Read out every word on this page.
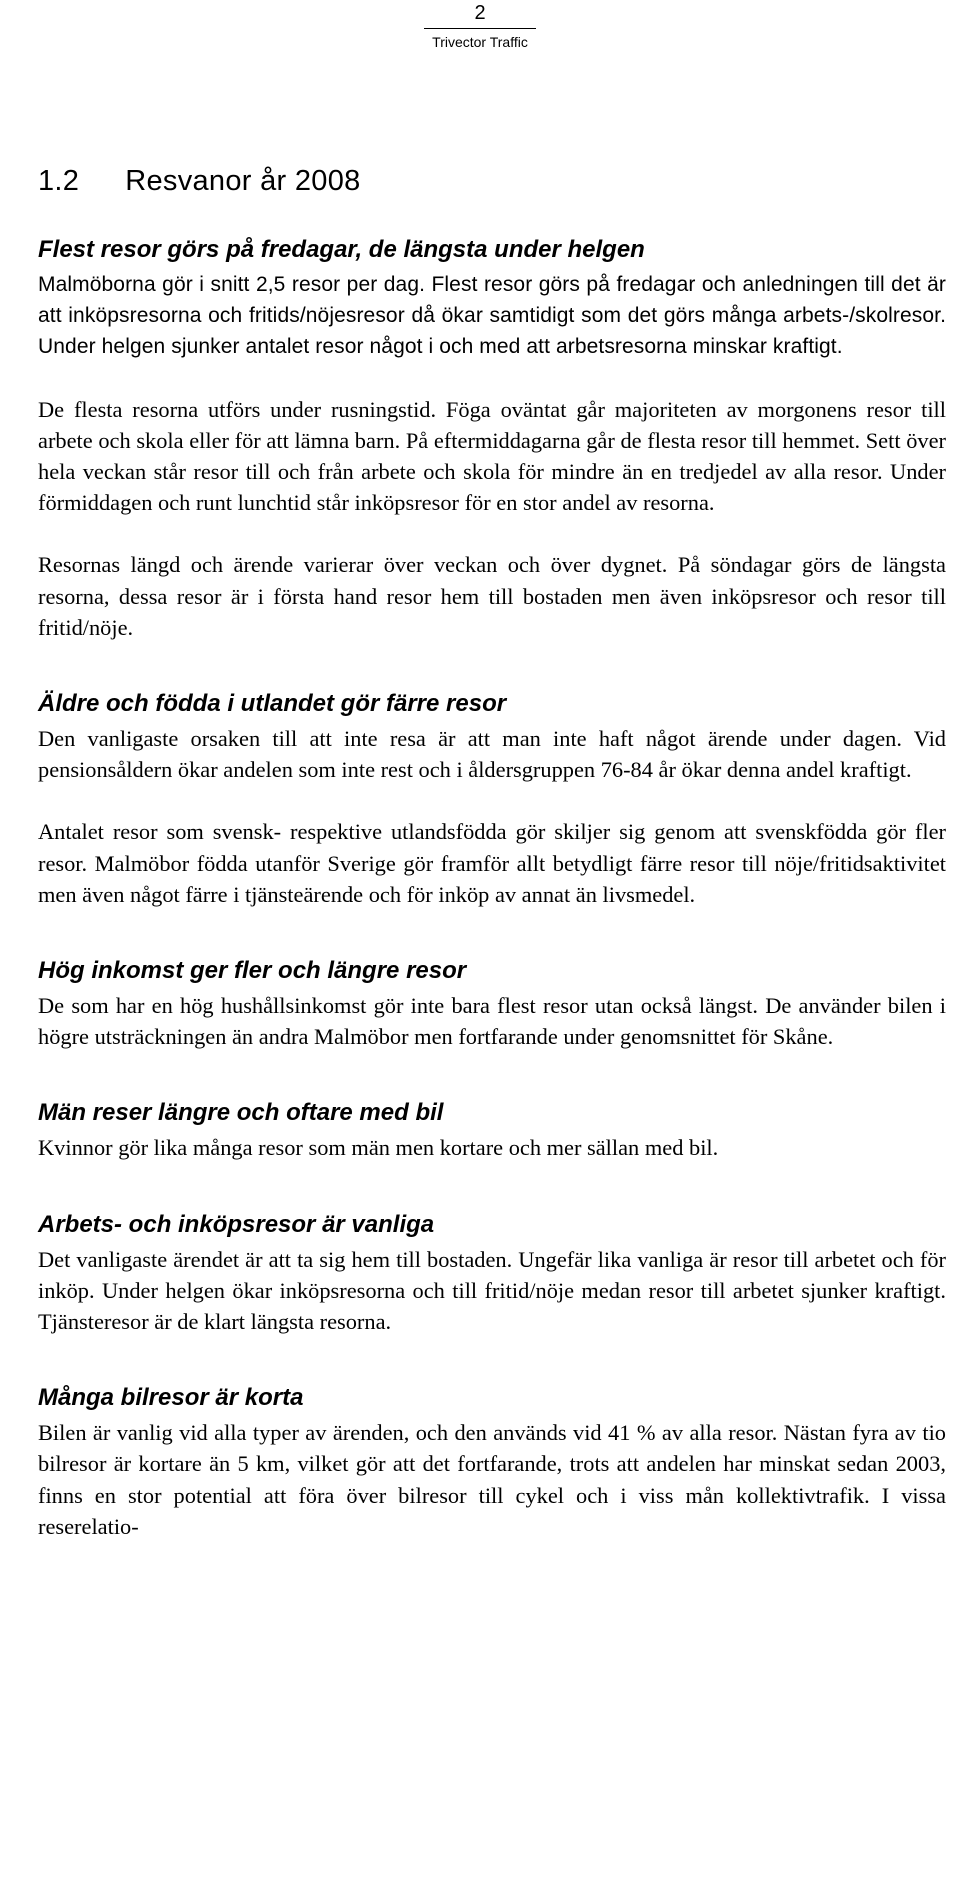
2
Trivector Traffic
1.2 Resvanor år 2008
Flest resor görs på fredagar, de längsta under helgen

Malmöborna gör i snitt 2,5 resor per dag. Flest resor görs på fredagar och anledningen till det är att inköpsresorna och fritids/nöjesresor då ökar samtidigt som det görs många arbets-/skolresor. Under helgen sjunker antalet resor något i och med att arbetsresorna minskar kraftigt.

De flesta resorna utförs under rusningstid. Föga oväntat går majoriteten av morgonens resor till arbete och skola eller för att lämna barn. På eftermiddagarna går de flesta resor till hemmet. Sett över hela veckan står resor till och från arbete och skola för mindre än en tredjedel av alla resor. Under förmiddagen och runt lunchtid står inköpsresor för en stor andel av resorna.

Resornas längd och ärende varierar över veckan och över dygnet. På söndagar görs de längsta resorna, dessa resor är i första hand resor hem till bostaden men även inköpsresor och resor till fritid/nöje.

Äldre och födda i utlandet gör färre resor

Den vanligaste orsaken till att inte resa är att man inte haft något ärende under dagen. Vid pensionsåldern ökar andelen som inte rest och i åldersgruppen 76-84 år ökar denna andel kraftigt.

Antalet resor som svensk- respektive utlandsfödda gör skiljer sig genom att svenskfödda gör fler resor. Malmöbor födda utanför Sverige gör framför allt betydligt färre resor till nöje/fritidsaktivitet men även något färre i tjänsteärende och för inköp av annat än livsmedel.

Hög inkomst ger fler och längre resor

De som har en hög hushållsinkomst gör inte bara flest resor utan också längst. De använder bilen i högre utsträckningen än andra Malmöbor men fortfarande under genomsnittet för Skåne.

Män reser längre och oftare med bil

Kvinnor gör lika många resor som män men kortare och mer sällan med bil.

Arbets- och inköpsresor är vanliga

Det vanligaste ärendet är att ta sig hem till bostaden. Ungefär lika vanliga är resor till arbetet och för inköp. Under helgen ökar inköpsresorna och till fritid/nöje medan resor till arbetet sjunker kraftigt. Tjänsteresor är de klart längsta resorna.

Många bilresor är korta

Bilen är vanlig vid alla typer av ärenden, och den används vid 41 % av alla resor. Nästan fyra av tio bilresor är kortare än 5 km, vilket gör att det fortfarande, trots att andelen har minskat sedan 2003, finns en stor potential att föra över bilresor till cykel och i viss mån kollektivtrafik. I vissa reserelatio-
